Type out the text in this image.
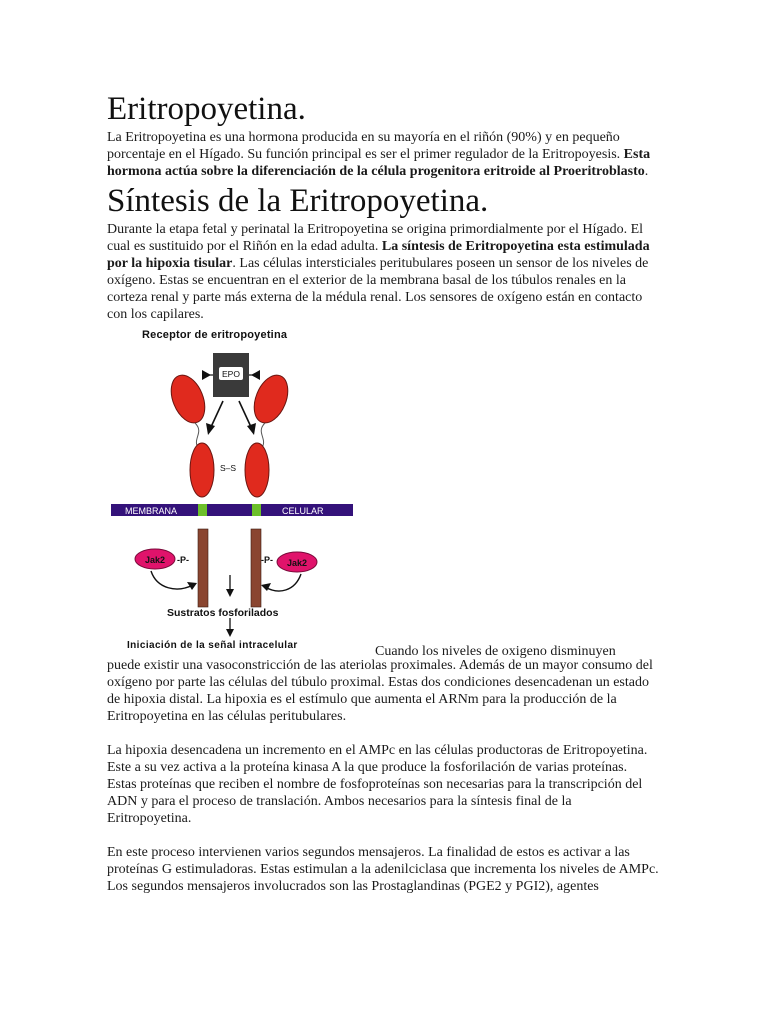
Eritropoyetina.

La Eritropoyetina es una hormona producida en su mayoría en el riñón (90%) y en pequeño porcentaje en el Hígado. Su función principal es ser el primer regulador de la Eritropoyesis. Esta hormona actúa sobre la diferenciación de la célula progenitora eritroide al Proeritroblasto.

Síntesis de la Eritropoyetina.

Durante la etapa fetal y perinatal la Eritropoyetina se origina primordialmente por el Hígado. El cual es sustituido por el Riñón en la edad adulta. La síntesis de Eritropoyetina esta estimulada por la hipoxia tisular. Las células intersticiales peritubulares poseen un sensor de los niveles de oxígeno. Estas se encuentran en el exterior de la membrana basal de los túbulos renales en la corteza renal y parte más externa de la médula renal. Los sensores de oxígeno están en contacto con los capilares.

EPO
S–S
MEMBRANA	CELULAR
Jak2 -P-	Jak2
-P-
Receptor de eritropoyetina
Sustratos fosforilados
Iniciación de la señal intracelular	Cuando los niveles de oxigeno disminuyen

puede existir una vasoconstricción de las ateriolas proximales. Además de un mayor consumo del oxígeno por parte las células del túbulo proximal. Estas dos condiciones desencadenan un estado de hipoxia distal. La hipoxia es el estímulo que aumenta el ARNm para la producción de la Eritropoyetina en las células peritubulares.

La hipoxia desencadena un incremento en el AMPc en las células productoras de Eritropoyetina. Este a su vez activa a la proteína kinasa A la que produce la fosforilación de varias proteínas. Estas proteínas que reciben el nombre de fosfoproteínas son necesarias para la transcripción del ADN y para el proceso de translación. Ambos necesarios para la síntesis final de la Eritropoyetina.

En este proceso intervienen varios segundos mensajeros. La finalidad de estos es activar a las proteínas G estimuladoras. Estas estimulan a la adenilciclasa que incrementa los niveles de AMPc. Los segundos mensajeros involucrados son las Prostaglandinas (PGE2 y PGI2), agentes
